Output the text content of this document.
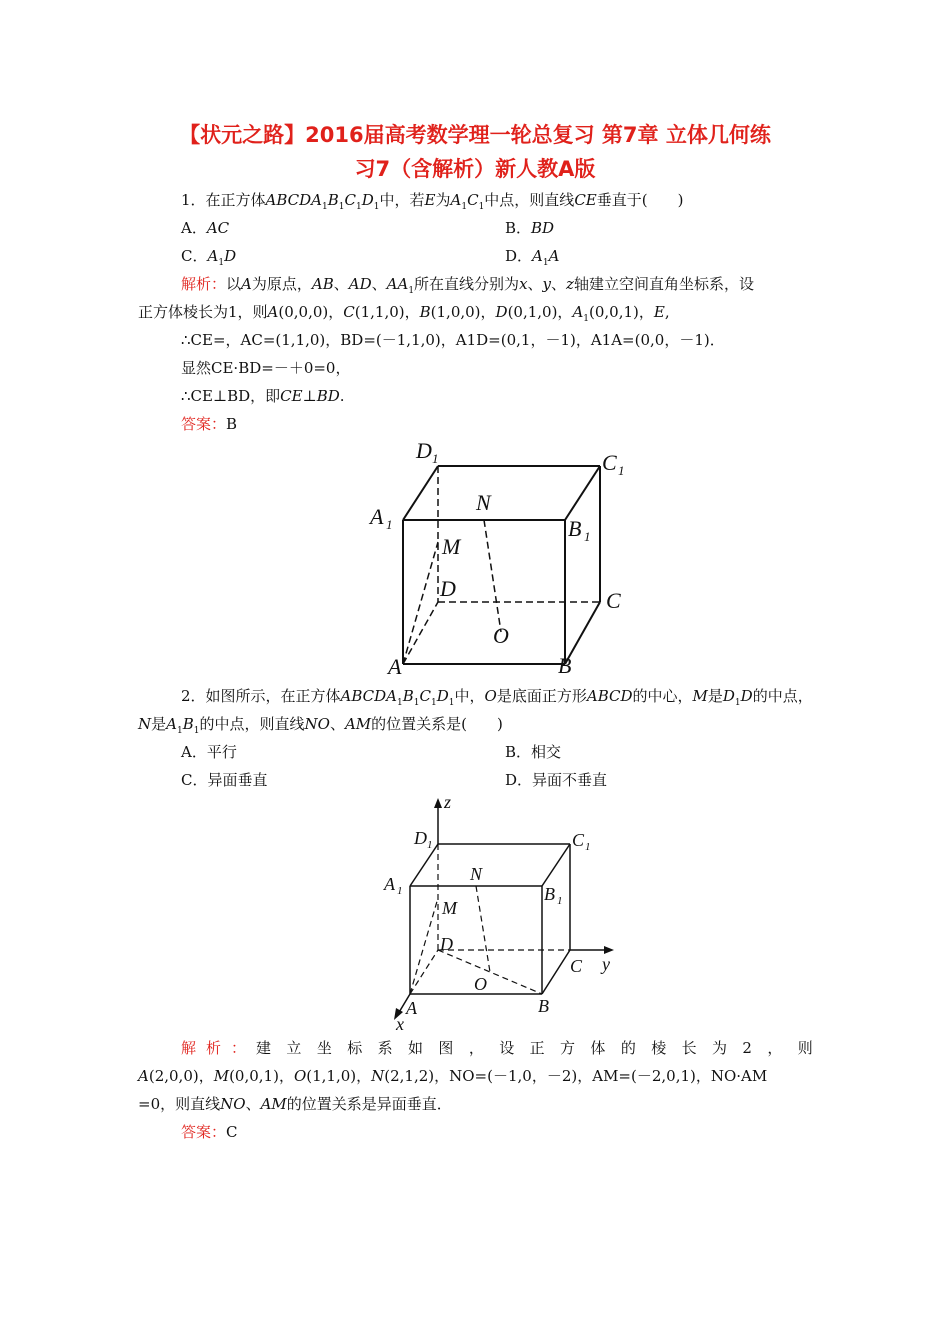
【状元之路】2016届高考数学理一轮总复习 第7章 立体几何练
习7（含解析）新人教A版
1．在正方体$ABCDA_1B_1C_1D_1$中，若E为$A_1C_1$中点，则直线CE垂直于(　　)
A．AC	B．BD
C．$A_1D$	D．$A_1A$
解析：以A为原点，AB、AD、$AA_1$所在直线分别为x、y、z轴建立空间直角坐标系，设
正方体棱长为1，则A(0,0,0)，C(1,1,0)，B(1,0,0)，D(0,1,0)，$A_1(0,0,1)$，E,
∴CE=，AC=(1,1,0)，BD=(－1,1,0)，A1D=(0,1，－1)，A1A=(0,0，－1)．
显然CE·BD=－＋0=0，
∴CE⊥BD，即CE⊥BD.
答案：B
D 1	C 1
A 1	B 1
N
M
D	C
O
A	B
2．如图所示，在正方体$ABCDA_1B_1C_1D_1$中，O是底面正方形ABCD的中心，M是$D_1D$的中点，
N是$A_1B_1$的中点，则直线NO、AM的位置关系是(　　)
A．平行	B．相交
C．异面垂直	D．异面不垂直
z
y
x
D 1	C 1
A 1	B 1
N
M
D
C
O
A	B
解析：建立坐标系如图，设正方体的棱长为2，则
A(2,0,0)，M(0,0,1)，O(1,1,0)，N(2,1,2)，NO=(－1,0，－2)，AM=(－2,0,1)，NO·AM
=0，则直线NO、AM的位置关系是异面垂直．
答案：C
